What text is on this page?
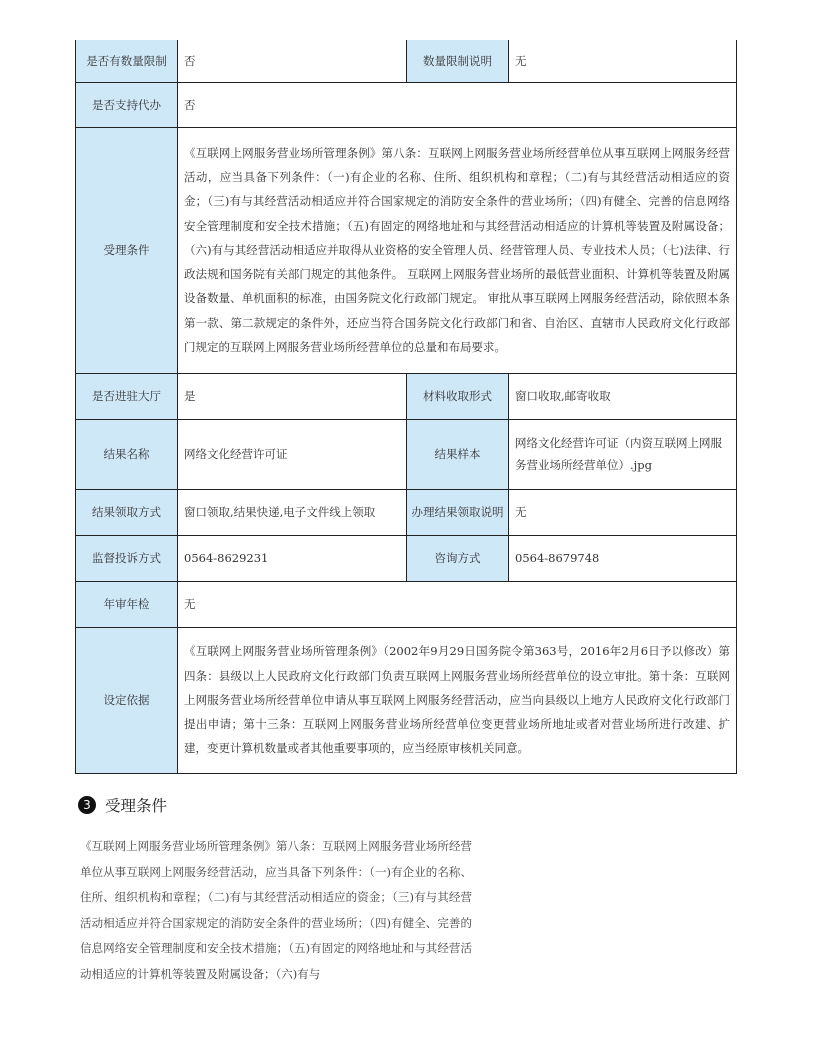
是否有数量限制	否	数量限制说明	无
是否支持代办	否		
受理条件	《互联网上网服务营业场所管理条例》第八条：互联网上网服务营业场所经营单位从事互联网上网服务经营活动，应当具备下列条件：（一)有企业的名称、住所、组织机构和章程；（二)有与其经营活动相适应的资金；（三)有与其经营活动相适应并符合国家规定的消防安全条件的营业场所；（四)有健全、完善的信息网络安全管理制度和安全技术措施；（五)有固定的网络地址和与其经营活动相适应的计算机等装置及附属设备；（六)有与其经营活动相适应并取得从业资格的安全管理人员、经营管理人员、专业技术人员；（七)法律、行政法规和国务院有关部门规定的其他条件。 互联网上网服务营业场所的最低营业面积、计算机等装置及附属设备数量、单机面积的标准，由国务院文化行政部门规定。 审批从事互联网上网服务经营活动，除依照本条第一款、第二款规定的条件外，还应当符合国务院文化行政部门和省、自治区、直辖市人民政府文化行政部门规定的互联网上网服务营业场所经营单位的总量和布局要求。		
是否进驻大厅	是	材料收取形式	窗口收取,邮寄收取
结果名称	网络文化经营许可证	结果样本	网络文化经营许可证（内资互联网上网服务营业场所经营单位）.jpg
结果领取方式	窗口领取,结果快递,电子文件线上领取	办理结果领取说明	无
监督投诉方式	0564-8629231	咨询方式	0564-8679748
年审年检	无		
设定依据	《互联网上网服务营业场所管理条例》（2002年9月29日国务院令第363号，2016年2月6日予以修改）第四条：县级以上人民政府文化行政部门负责互联网上网服务营业场所经营单位的设立审批。第十条：互联网上网服务营业场所经营单位申请从事互联网上网服务经营活动，应当向县级以上地方人民政府文化行政部门提出申请；第十三条：互联网上网服务营业场所经营单位变更营业场所地址或者对营业场所进行改建、扩建，变更计算机数量或者其他重要事项的，应当经原审核机关同意。		
3 受理条件
《互联网上网服务营业场所管理条例》第八条：互联网上网服务营业场所经营单位从事互联网上网服务经营活动，应当具备下列条件：（一)有企业的名称、住所、组织机构和章程；（二)有与其经营活动相适应的资金；（三)有与其经营活动相适应并符合国家规定的消防安全条件的营业场所；（四)有健全、完善的信息网络安全管理制度和安全技术措施；（五)有固定的网络地址和与其经营活动相适应的计算机等装置及附属设备；（六)有与
